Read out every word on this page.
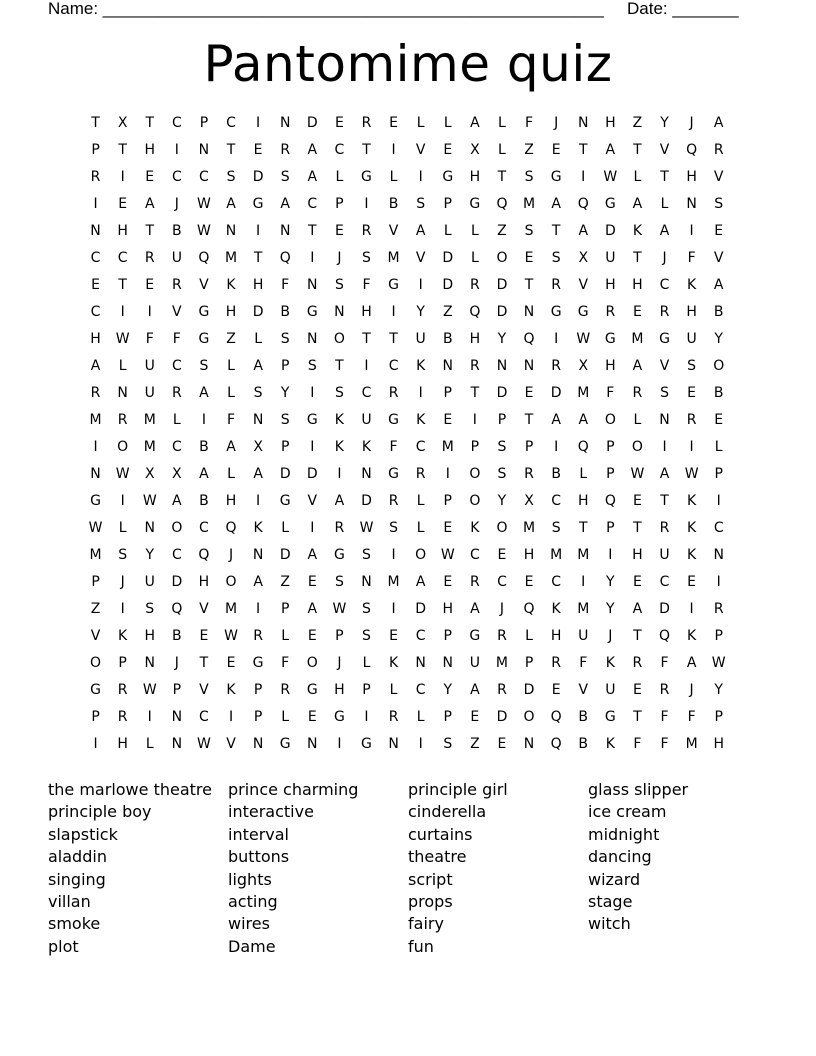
Name: _____________________________________________________ Date: _______
Pantomime quiz
T	X	T	C	P	C	I	N	D	E	R	E	L	L	A	L	F	J	N	H	Z	Y	J	A
P	T	H	I	N	T	E	R	A	C	T	I	V	E	X	L	Z	E	T	A	T	V	Q	R
R	I	E	C	C	S	D	S	A	L	G	L	I	G	H	T	S	G	I	W	L	T	H	V
I	E	A	J	W	A	G	A	C	P	I	B	S	P	G	Q	M	A	Q	G	A	L	N	S
N	H	T	B	W	N	I	N	T	E	R	V	A	L	L	Z	S	T	A	D	K	A	I	E
C	C	R	U	Q	M	T	Q	I	J	S	M	V	D	L	O	E	S	X	U	T	J	F	V
E	T	E	R	V	K	H	F	N	S	F	G	I	D	R	D	T	R	V	H	H	C	K	A
C	I	I	V	G	H	D	B	G	N	H	I	Y	Z	Q	D	N	G	G	R	E	R	H	B
H	W	F	F	G	Z	L	S	N	O	T	T	U	B	H	Y	Q	I	W	G	M	G	U	Y
A	L	U	C	S	L	A	P	S	T	I	C	K	N	R	N	N	R	X	H	A	V	S	O
R	N	U	R	A	L	S	Y	I	S	C	R	I	P	T	D	E	D	M	F	R	S	E	B
M	R	M	L	I	F	N	S	G	K	U	G	K	E	I	P	T	A	A	O	L	N	R	E
I	O	M	C	B	A	X	P	I	K	K	F	C	M	P	S	P	I	Q	P	O	I	I	L
N	W	X	X	A	L	A	D	D	I	N	G	R	I	O	S	R	B	L	P	W	A	W	P
G	I	W	A	B	H	I	G	V	A	D	R	L	P	O	Y	X	C	H	Q	E	T	K	I
W	L	N	O	C	Q	K	L	I	R	W	S	L	E	K	O	M	S	T	P	T	R	K	C
M	S	Y	C	Q	J	N	D	A	G	S	I	O	W	C	E	H	M	M	I	H	U	K	N
P	J	U	D	H	O	A	Z	E	S	N	M	A	E	R	C	E	C	I	Y	E	C	E	I
Z	I	S	Q	V	M	I	P	A	W	S	I	D	H	A	J	Q	K	M	Y	A	D	I	R
V	K	H	B	E	W	R	L	E	P	S	E	C	P	G	R	L	H	U	J	T	Q	K	P
O	P	N	J	T	E	G	F	O	J	L	K	N	N	U	M	P	R	F	K	R	F	A	W
G	R	W	P	V	K	P	R	G	H	P	L	C	Y	A	R	D	E	V	U	E	R	J	Y
P	R	I	N	C	I	P	L	E	G	I	R	L	P	E	D	O	Q	B	G	T	F	F	P
I	H	L	N	W	V	N	G	N	I	G	N	I	S	Z	E	N	Q	B	K	F	F	M	H
the marlowe theatre
principle boy
slapstick
aladdin
singing
villan
smoke
plot
prince charming
interactive
interval
buttons
lights
acting
wires
Dame
principle girl
cinderella
curtains
theatre
script
props
fairy
fun
glass slipper
ice cream
midnight
dancing
wizard
stage
witch
